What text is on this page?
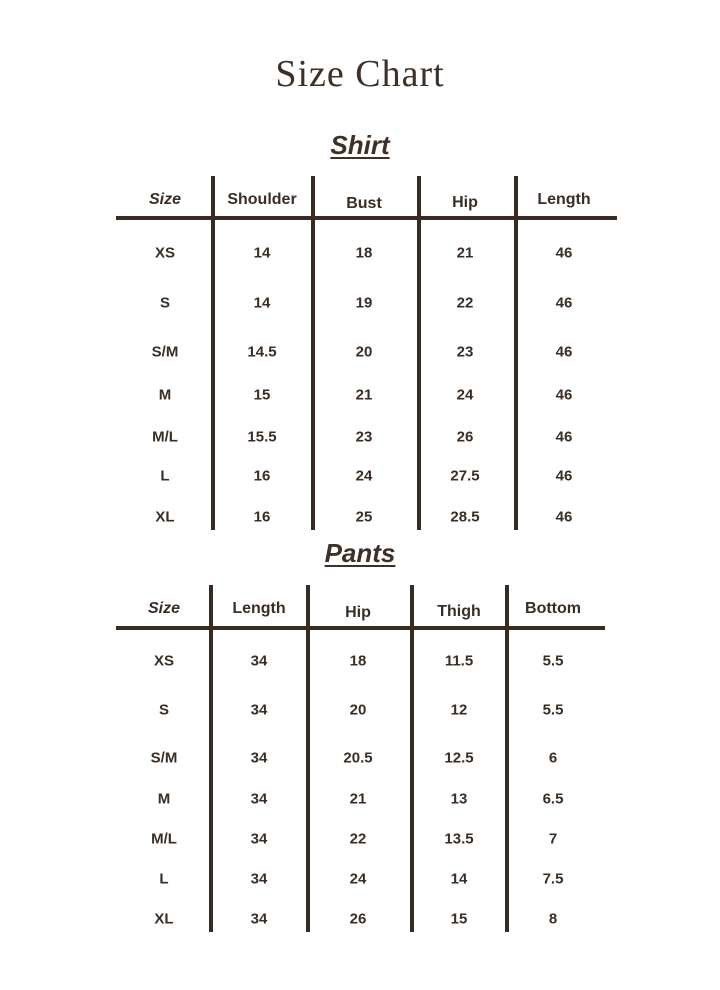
Size Chart
Shirt
Pants
Size	Shoulder	Bust	Hip	Length
XS	14	18	21	46
S	14	19	22	46
S/M	14.5	20	23	46
M	15	21	24	46
M/L	15.5	23	26	46
L	16	24	27.5	46
XL	16	25	28.5	46
Size	Length	Hip	Thigh	Bottom
XS	34	18	11.5	5.5
S	34	20	12	5.5
S/M	34	20.5	12.5	6
M	34	21	13	6.5
M/L	34	22	13.5	7
L	34	24	14	7.5
XL	34	26	15	8
